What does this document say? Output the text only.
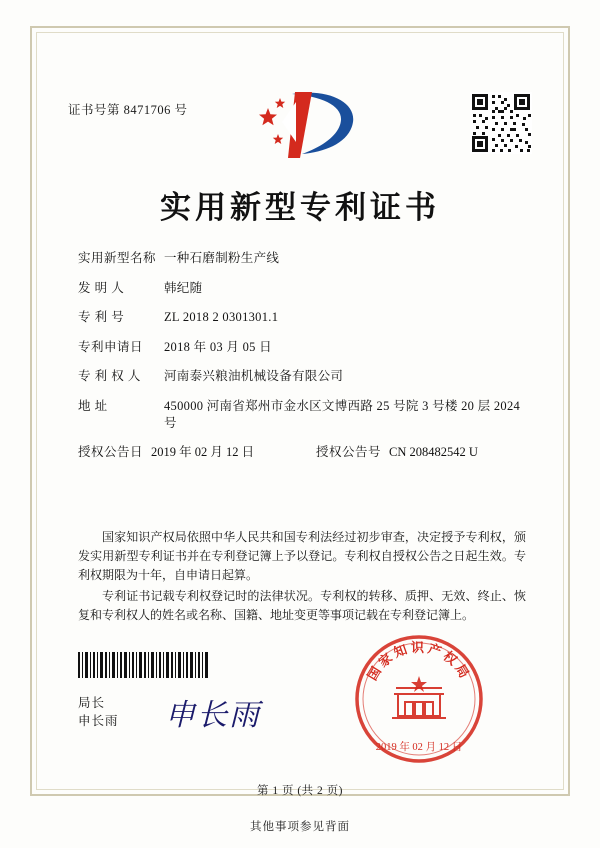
证书号第 8471706 号
实用新型专利证书
实用新型名称 一种石磨制粉生产线
发 明 人	韩纪随
专 利 号	ZL 2018 2 0301301.1
专利申请日	2018 年 03 月 05 日
专 利 权 人	河南泰兴粮油机械设备有限公司
地 址	450000 河南省郑州市金水区文博西路 25 号院 3 号楼 20 层 2024 号
授权公告日 2019 年 02 月 12 日	授权公告号 CN 208482542 U

国家知识产权局依照中华人民共和国专利法经过初步审查，决定授予专利权，颁发实用新型专利证书并在专利登记簿上予以登记。专利权自授权公告之日起生效。专利权期限为十年，自申请日起算。

专利证书记载专利权登记时的法律状况。专利权的转移、质押、无效、终止、恢复和专利权人的姓名或名称、国籍、地址变更等事项记载在专利登记簿上。

局长
申长雨 申长雨
国家知识产权局
2019 年 02 月 12 日
第 1 页 (共 2 页)
其他事项参见背面
